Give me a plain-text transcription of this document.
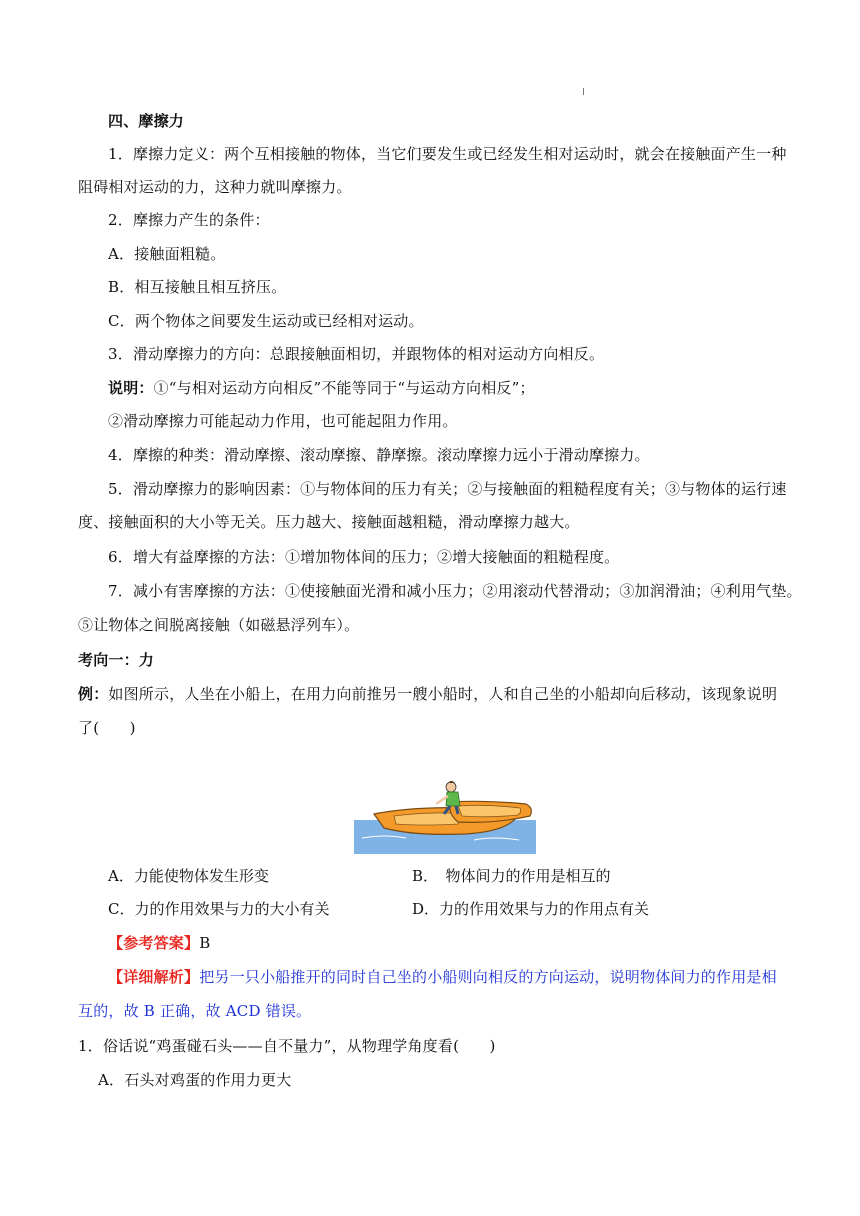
四、摩擦力
1．摩擦力定义：两个互相接触的物体，当它们要发生或已经发生相对运动时，就会在接触面产生一种
阻碍相对运动的力，这种力就叫摩擦力。
2．摩擦力产生的条件：
A．接触面粗糙。
B．相互接触且相互挤压。
C．两个物体之间要发生运动或已经相对运动。
3．滑动摩擦力的方向：总跟接触面相切，并跟物体的相对运动方向相反。
说明：①“与相对运动方向相反”不能等同于“与运动方向相反”；
②滑动摩擦力可能起动力作用，也可能起阻力作用。
4．摩擦的种类：滑动摩擦、滚动摩擦、静摩擦。滚动摩擦力远小于滑动摩擦力。
5．滑动摩擦力的影响因素：①与物体间的压力有关；②与接触面的粗糙程度有关；③与物体的运行速
度、接触面积的大小等无关。压力越大、接触面越粗糙，滑动摩擦力越大。
6．增大有益摩擦的方法：①增加物体间的压力；②增大接触面的粗糙程度。
7．减小有害摩擦的方法：①使接触面光滑和减小压力；②用滚动代替滑动；③加润滑油；④利用气垫。
⑤让物体之间脱离接触（如磁悬浮列车）。
考向一：力
例：如图所示，人坐在小船上，在用力向前推另一艘小船时，人和自己坐的小船却向后移动，该现象说明
了(　　)
A．力能使物体发生形变	B．　物体间力的作用是相互的
C．力的作用效果与力的大小有关	D．力的作用效果与力的作用点有关
【参考答案】B
【详细解析】把另一只小船推开的同时自己坐的小船则向相反的方向运动，说明物体间力的作用是相
互的，故 B 正确，故 ACD 错误。
1．俗话说“鸡蛋碰石头——自不量力”，从物理学角度看(　　)
A．石头对鸡蛋的作用力更大
